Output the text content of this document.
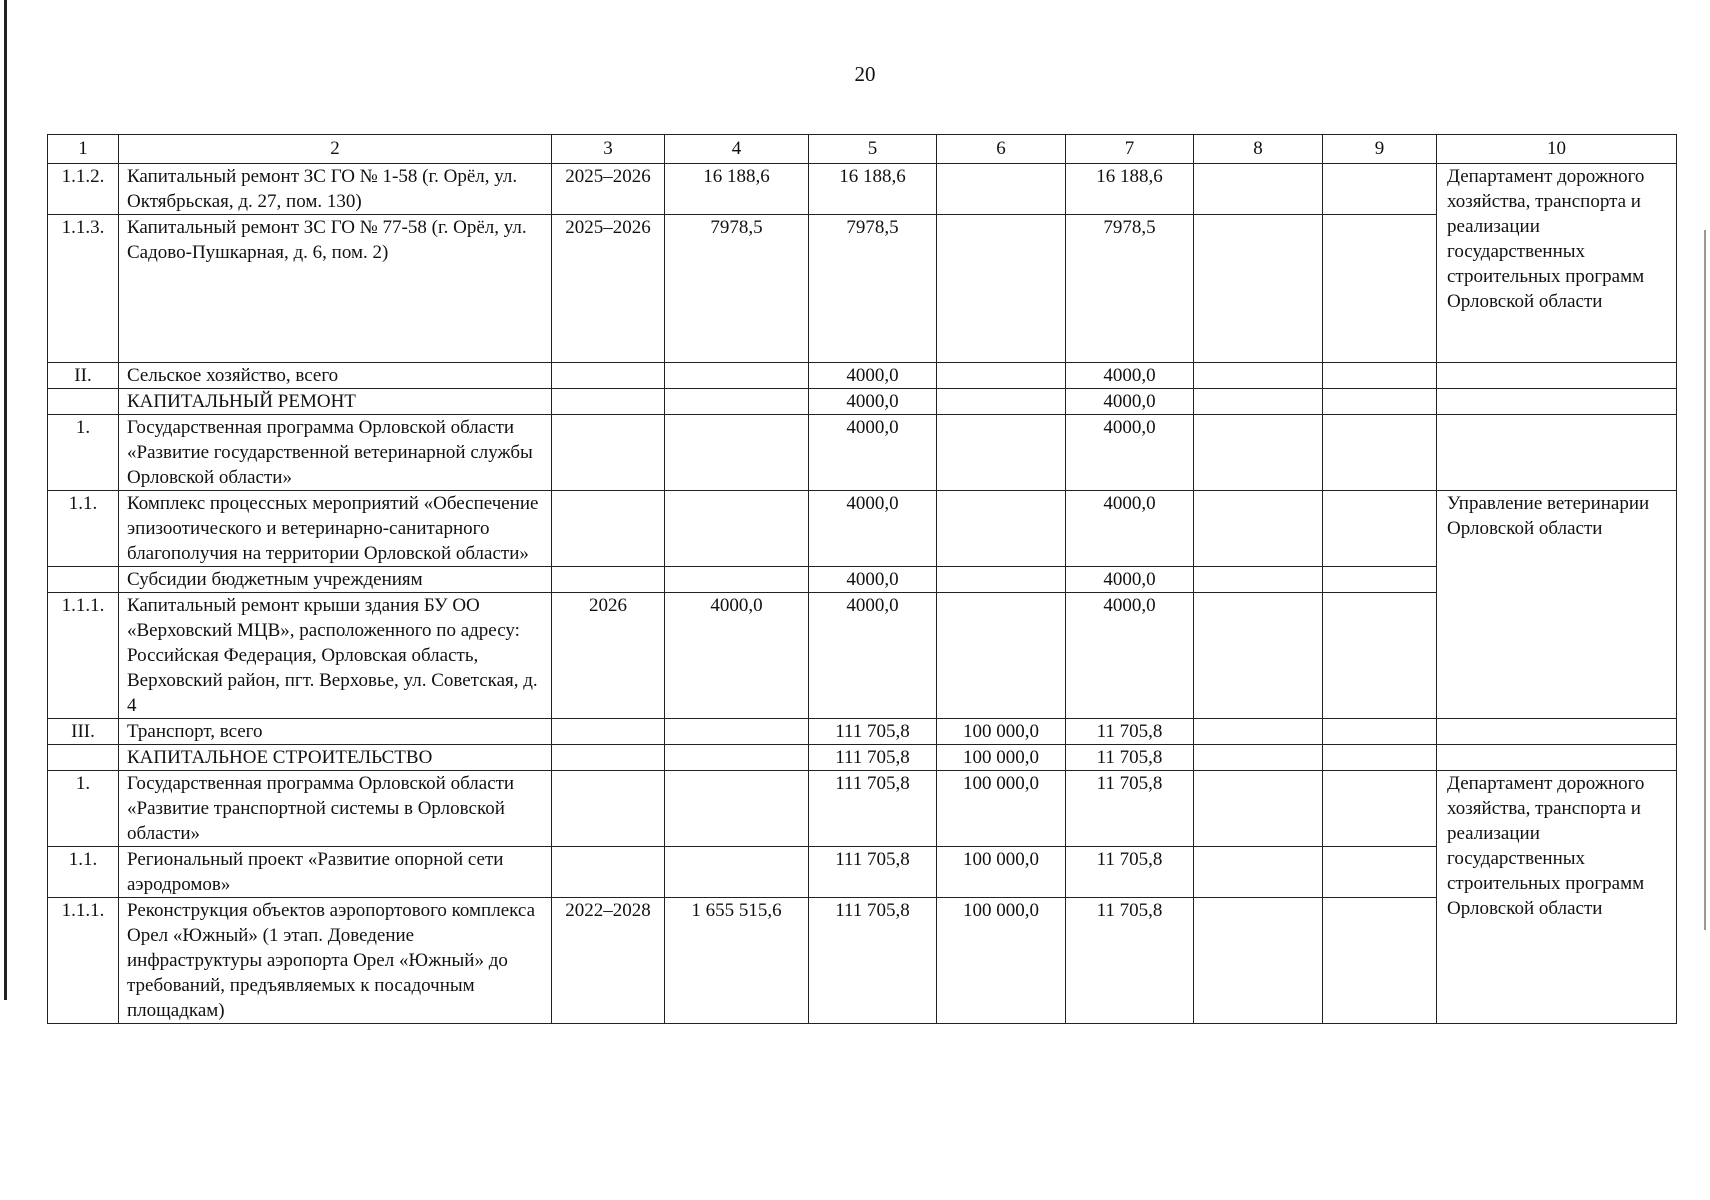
20
1	2	3	4	5	6	7	8	9	10
1.1.2.	Капитальный ремонт ЗС ГО № 1-58 (г. Орёл, ул. Октябрьская, д. 27, пом. 130)	2025–2026	16 188,6	16 188,6		16 188,6			Департамент дорожного хозяйства, транспорта и реализации государственных строительных программ Орловской области
1.1.3.	Капитальный ремонт ЗС ГО № 77-58 (г. Орёл, ул. Садово-Пушкарная, д. 6, пом. 2)	2025–2026	7978,5	7978,5		7978,5			
II.	Сельское хозяйство, всего			4000,0		4000,0			
	КАПИТАЛЬНЫЙ РЕМОНТ			4000,0		4000,0			
1.	Государственная программа Орловской области «Развитие государственной ветеринарной службы Орловской области»			4000,0		4000,0			
1.1.	Комплекс процессных мероприятий «Обеспечение эпизоотического и ветеринарно-санитарного благополучия на территории Орловской области»			4000,0		4000,0			Управление ветеринарии Орловской области
	Субсидии бюджетным учреждениям			4000,0		4000,0			
1.1.1.	Капитальный ремонт крыши здания БУ ОО «Верховский МЦВ», расположенного по адресу: Российская Федерация, Орловская область, Верховский район, пгт. Верховье, ул. Советская, д. 4	2026	4000,0	4000,0		4000,0			
III.	Транспорт, всего			111 705,8	100 000,0	11 705,8			
	КАПИТАЛЬНОЕ СТРОИТЕЛЬСТВО			111 705,8	100 000,0	11 705,8			
1.	Государственная программа Орловской области «Развитие транспортной системы в Орловской области»			111 705,8	100 000,0	11 705,8			Департамент дорожного хозяйства, транспорта и реализации государственных строительных программ Орловской области
1.1.	Региональный проект «Развитие опорной сети аэродромов»			111 705,8	100 000,0	11 705,8			
1.1.1.	Реконструкция объектов аэропортового комплекса Орел «Южный» (1 этап. Доведение инфраструктуры аэропорта Орел «Южный» до требований, предъявляемых к посадочным площадкам)	2022–2028	1 655 515,6	111 705,8	100 000,0	11 705,8			
